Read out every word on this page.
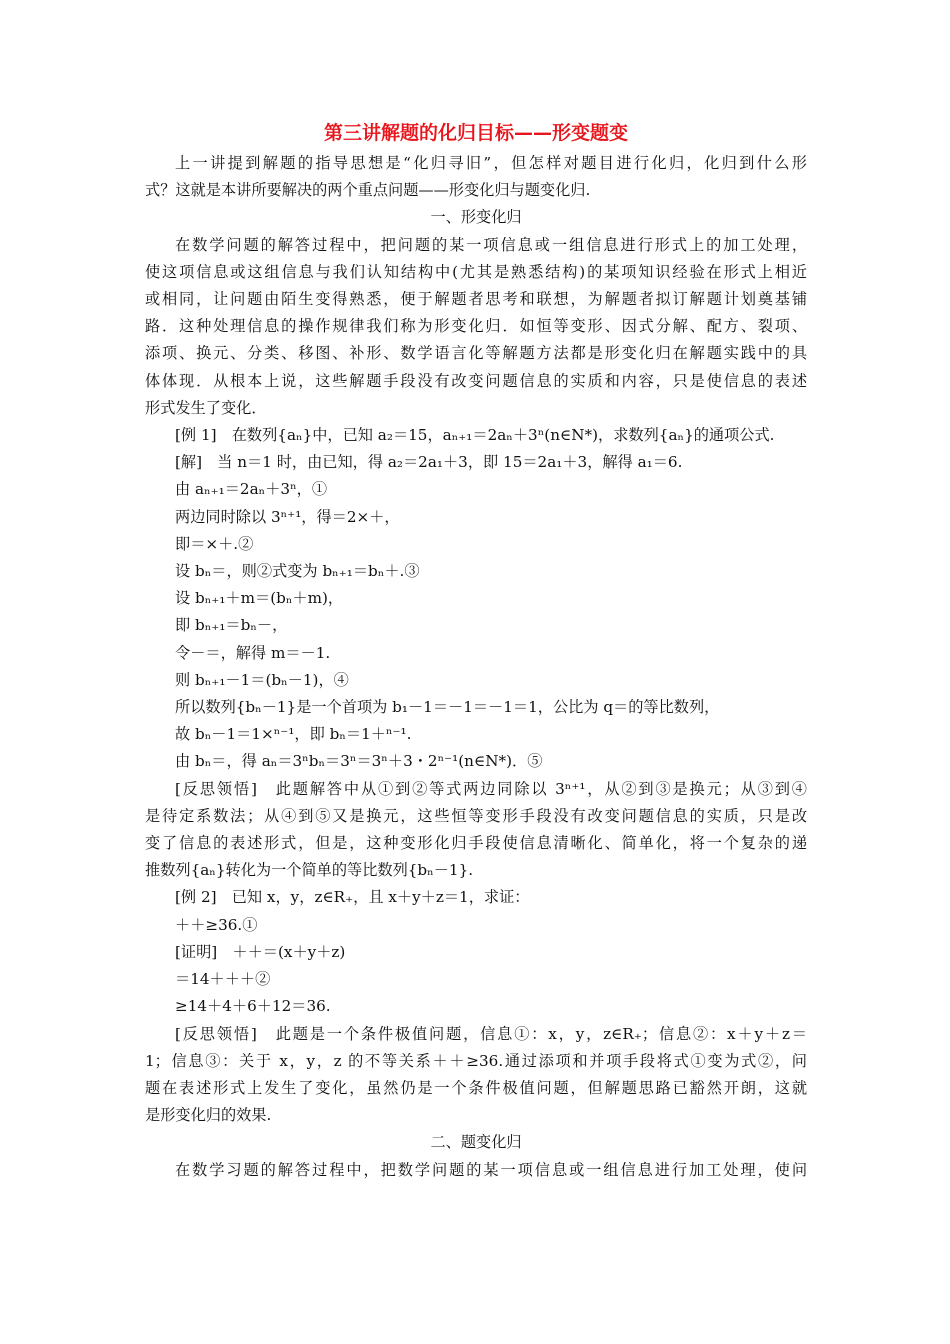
第三讲解题的化归目标——形变题变

上一讲提到解题的指导思想是“化归寻旧”，但怎样对题目进行化归，化归到什么形

式？这就是本讲所要解决的两个重点问题——形变化归与题变化归.

一、形变化归

在数学问题的解答过程中，把问题的某一项信息或一组信息进行形式上的加工处理，

使这项信息或这组信息与我们认知结构中(尤其是熟悉结构)的某项知识经验在形式上相近

或相同，让问题由陌生变得熟悉，便于解题者思考和联想，为解题者拟订解题计划奠基铺

路．这种处理信息的操作规律我们称为形变化归．如恒等变形、因式分解、配方、裂项、

添项、换元、分类、移图、补形、数学语言化等解题方法都是形变化归在解题实践中的具

体体现．从根本上说，这些解题手段没有改变问题信息的实质和内容，只是使信息的表述

形式发生了变化．

[例 1]　在数列{aₙ}中，已知 a₂＝15，aₙ₊₁＝2aₙ＋3ⁿ(n∈N*)，求数列{aₙ}的通项公式.

[解]　当 n＝1 时，由已知，得 a₂＝2a₁＋3，即 15＝2a₁＋3，解得 a₁＝6.

由 aₙ₊₁＝2aₙ＋3ⁿ，①

两边同时除以 3ⁿ⁺¹，得＝2×＋，

即＝×＋.②

设 bₙ＝，则②式变为 bₙ₊₁＝bₙ＋.③

设 bₙ₊₁＋m＝(bₙ＋m)，

即 bₙ₊₁＝bₙ－，

令－＝，解得 m＝－1.

则 bₙ₊₁－1＝(bₙ－1)，④

所以数列{bₙ－1}是一个首项为 b₁－1＝－1＝－1＝1，公比为 q＝的等比数列，

故 bₙ－1＝1×ⁿ⁻¹，即 bₙ＝1＋ⁿ⁻¹.

由 bₙ＝，得 aₙ＝3ⁿbₙ＝3ⁿ＝3ⁿ＋3・2ⁿ⁻¹(n∈N*)．⑤

[反思领悟]　此题解答中从①到②等式两边同除以 3ⁿ⁺¹，从②到③是换元；从③到④

是待定系数法；从④到⑤又是换元，这些恒等变形手段没有改变问题信息的实质，只是改

变了信息的表述形式，但是，这种变形化归手段使信息清晰化、简单化，将一个复杂的递

推数列{aₙ}转化为一个简单的等比数列{bₙ－1}.

[例 2]　已知 x，y，z∈R₊，且 x＋y＋z＝1，求证：

＋＋≥36.①

[证明]　＋＋＝(x＋y＋z)

＝14＋＋＋②

≥14＋4＋6＋12＝36.

[反思领悟]　此题是一个条件极值问题，信息①：x，y，z∈R₊；信息②：x＋y＋z＝

1；信息③：关于 x，y，z 的不等关系＋＋≥36.通过添项和并项手段将式①变为式②，问

题在表述形式上发生了变化，虽然仍是一个条件极值问题，但解题思路已豁然开朗，这就

是形变化归的效果.

二、题变化归

在数学习题的解答过程中，把数学问题的某一项信息或一组信息进行加工处理，使问
